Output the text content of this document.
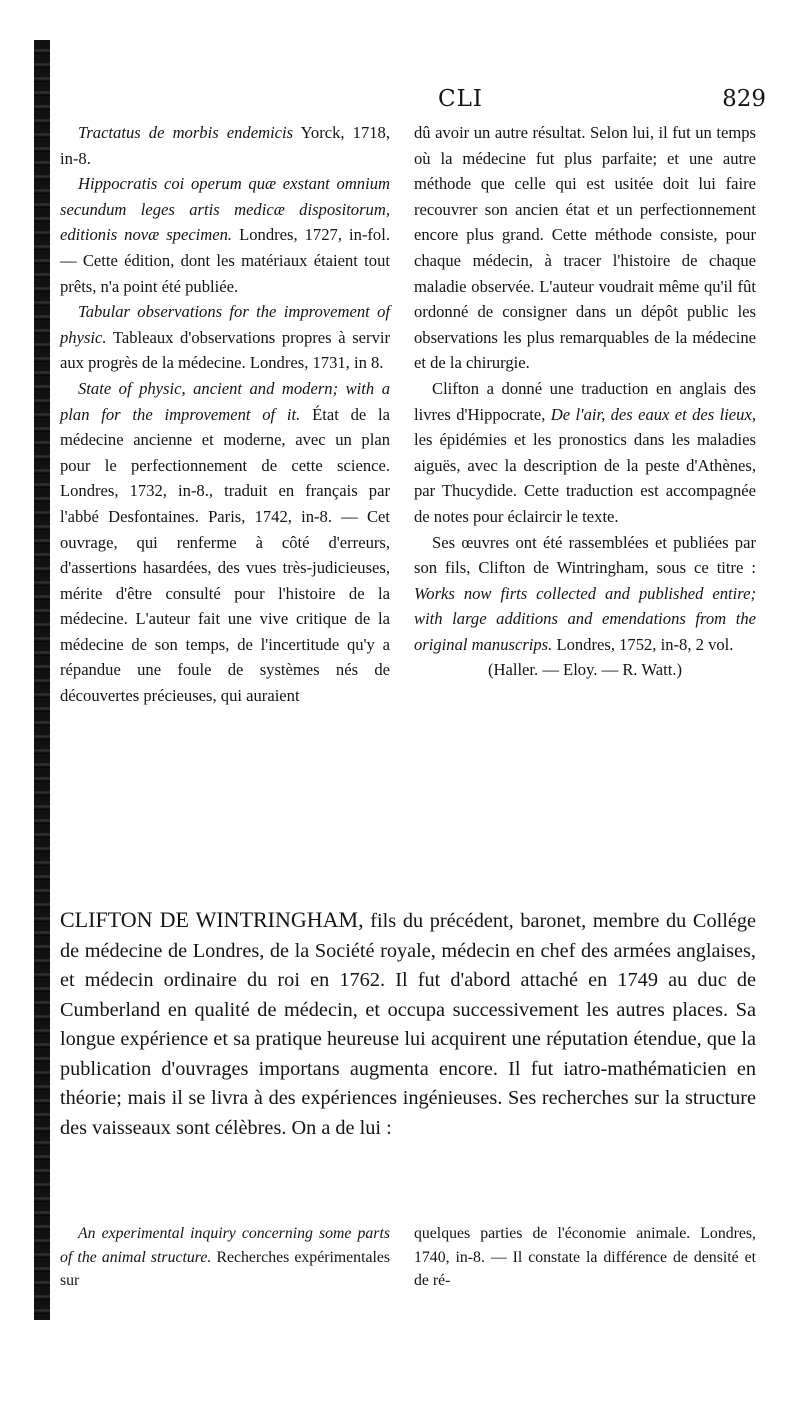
CLI	829

Tractatus de morbis endemicis Yorck, 1718, in-8.

Hippocratis coi operum quæ exstant omnium secundum leges artis medicæ dispositorum, editionis novæ specimen. Londres, 1727, in-fol. — Cette édition, dont les matériaux étaient tout prêts, n'a point été publiée.

Tabular observations for the improvement of physic. Tableaux d'observations propres à servir aux progrès de la médecine. Londres, 1731, in 8.

State of physic, ancient and modern; with a plan for the improvement of it. État de la médecine ancienne et moderne, avec un plan pour le perfectionnement de cette science. Londres, 1732, in-8., traduit en français par l'abbé Desfontaines. Paris, 1742, in-8. — Cet ouvrage, qui renferme à côté d'erreurs, d'assertions hasardées, des vues très-judicieuses, mérite d'être consulté pour l'histoire de la médecine. L'auteur fait une vive critique de la médecine de son temps, de l'incertitude qu'y a répandue une foule de systèmes nés de découvertes précieuses, qui auraient

dû avoir un autre résultat. Selon lui, il fut un temps où la médecine fut plus parfaite; et une autre méthode que celle qui est usitée doit lui faire recouvrer son ancien état et un perfectionnement encore plus grand. Cette méthode consiste, pour chaque médecin, à tracer l'histoire de chaque maladie observée. L'auteur voudrait même qu'il fût ordonné de consigner dans un dépôt public les observations les plus remarquables de la médecine et de la chirurgie.

Clifton a donné une traduction en anglais des livres d'Hippocrate, De l'air, des eaux et des lieux, les épidémies et les pronostics dans les maladies aiguës, avec la description de la peste d'Athènes, par Thucydide. Cette traduction est accompagnée de notes pour éclaircir le texte.

Ses œuvres ont été rassemblées et publiées par son fils, Clifton de Wintringham, sous ce titre : Works now firts collected and published entire; with large additions and emendations from the original manuscrips. Londres, 1752, in-8, 2 vol.

(Haller. — Eloy. — R. Watt.)

CLIFTON DE WINTRINGHAM, fils du précédent, baronet, membre du Collége de médecine de Londres, de la Société royale, médecin en chef des armées anglaises, et médecin ordinaire du roi en 1762. Il fut d'abord attaché en 1749 au duc de Cumberland en qualité de médecin, et occupa successivement les autres places. Sa longue expérience et sa pratique heureuse lui acquirent une réputation étendue, que la publication d'ouvrages importans augmenta encore. Il fut iatro-mathématicien en théorie; mais il se livra à des expériences ingénieuses. Ses recherches sur la structure des vaisseaux sont célèbres. On a de lui :

An experimental inquiry concerning some parts of the animal structure. Recherches expérimentales sur

quelques parties de l'économie animale. Londres, 1740, in-8. — Il constate la différence de densité et de ré-
